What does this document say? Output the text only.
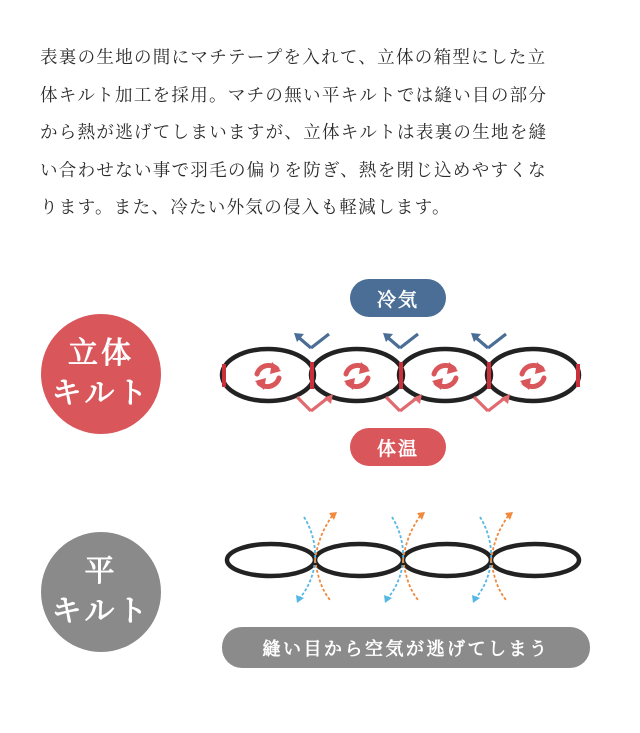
表裏の生地の間にマチテープを入れて、立体の箱型にした立
体キルト加工を採用。マチの無い平キルトでは縫い目の部分
から熱が逃げてしまいますが、立体キルトは表裏の生地を縫
い合わせない事で羽毛の偏りを防ぎ、熱を閉じ込めやすくな
ります。また、冷たい外気の侵入も軽減します。
立体
キルト
冷気
体温
平
キルト
縫い目から空気が逃げてしまう
